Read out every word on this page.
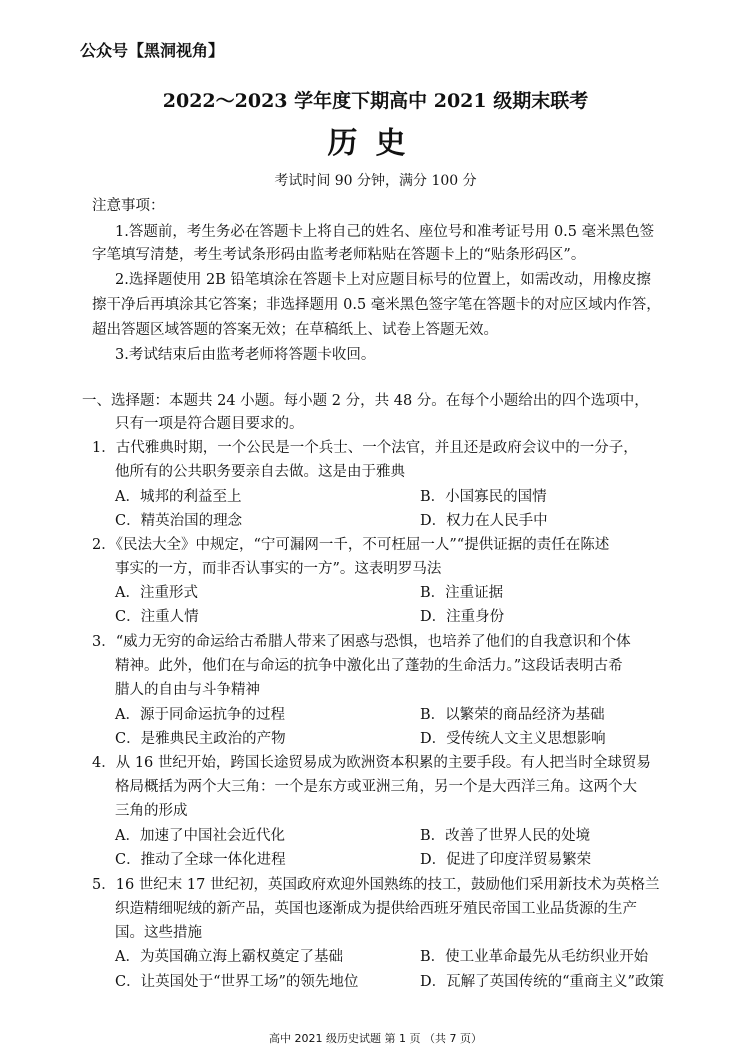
公众号【黑洞视角】
2022～2023 学年度下期高中 2021 级期末联考
历史
考试时间 90 分钟，满分 100 分
注意事项：
1.答题前，考生务必在答题卡上将自己的姓名、座位号和准考证号用 0.5 毫米黑色签
字笔填写清楚，考生考试条形码由监考老师粘贴在答题卡上的“贴条形码区”。
2.选择题使用 2B 铅笔填涂在答题卡上对应题目标号的位置上，如需改动，用橡皮擦
擦干净后再填涂其它答案；非选择题用 0.5 毫米黑色签字笔在答题卡的对应区域内作答，
超出答题区域答题的答案无效；在草稿纸上、试卷上答题无效。
3.考试结束后由监考老师将答题卡收回。
一、选择题：本题共 24 小题。每小题 2 分，共 48 分。在每个小题给出的四个选项中，
只有一项是符合题目要求的。
1．古代雅典时期，一个公民是一个兵士、一个法官，并且还是政府会议中的一分子，
他所有的公共职务要亲自去做。这是由于雅典
A．城邦的利益至上	B．小国寡民的国情
C．精英治国的理念	D．权力在人民手中
2．《民法大全》中规定，“宁可漏网一千，不可枉屈一人”“提供证据的责任在陈述
事实的一方，而非否认事实的一方”。这表明罗马法
A．注重形式	B．注重证据
C．注重人情	D．注重身份
3．“威力无穷的命运给古希腊人带来了困惑与恐惧，也培养了他们的自我意识和个体
精神。此外，他们在与命运的抗争中激化出了蓬勃的生命活力。”这段话表明古希
腊人的自由与斗争精神
A．源于同命运抗争的过程	B．以繁荣的商品经济为基础
C．是雅典民主政治的产物	D．受传统人文主义思想影响
4．从 16 世纪开始，跨国长途贸易成为欧洲资本积累的主要手段。有人把当时全球贸易
格局概括为两个大三角：一个是东方或亚洲三角，另一个是大西洋三角。这两个大
三角的形成
A．加速了中国社会近代化	B．改善了世界人民的处境
C．推动了全球一体化进程	D．促进了印度洋贸易繁荣
5．16 世纪末 17 世纪初，英国政府欢迎外国熟练的技工，鼓励他们采用新技术为英格兰
织造精细呢绒的新产品，英国也逐渐成为提供给西班牙殖民帝国工业品货源的生产
国。这些措施
A．为英国确立海上霸权奠定了基础	B．使工业革命最先从毛纺织业开始
C．让英国处于“世界工场”的领先地位	D．瓦解了英国传统的“重商主义”政策
高中 2021 级历史试题 第 1 页 （共 7 页）
